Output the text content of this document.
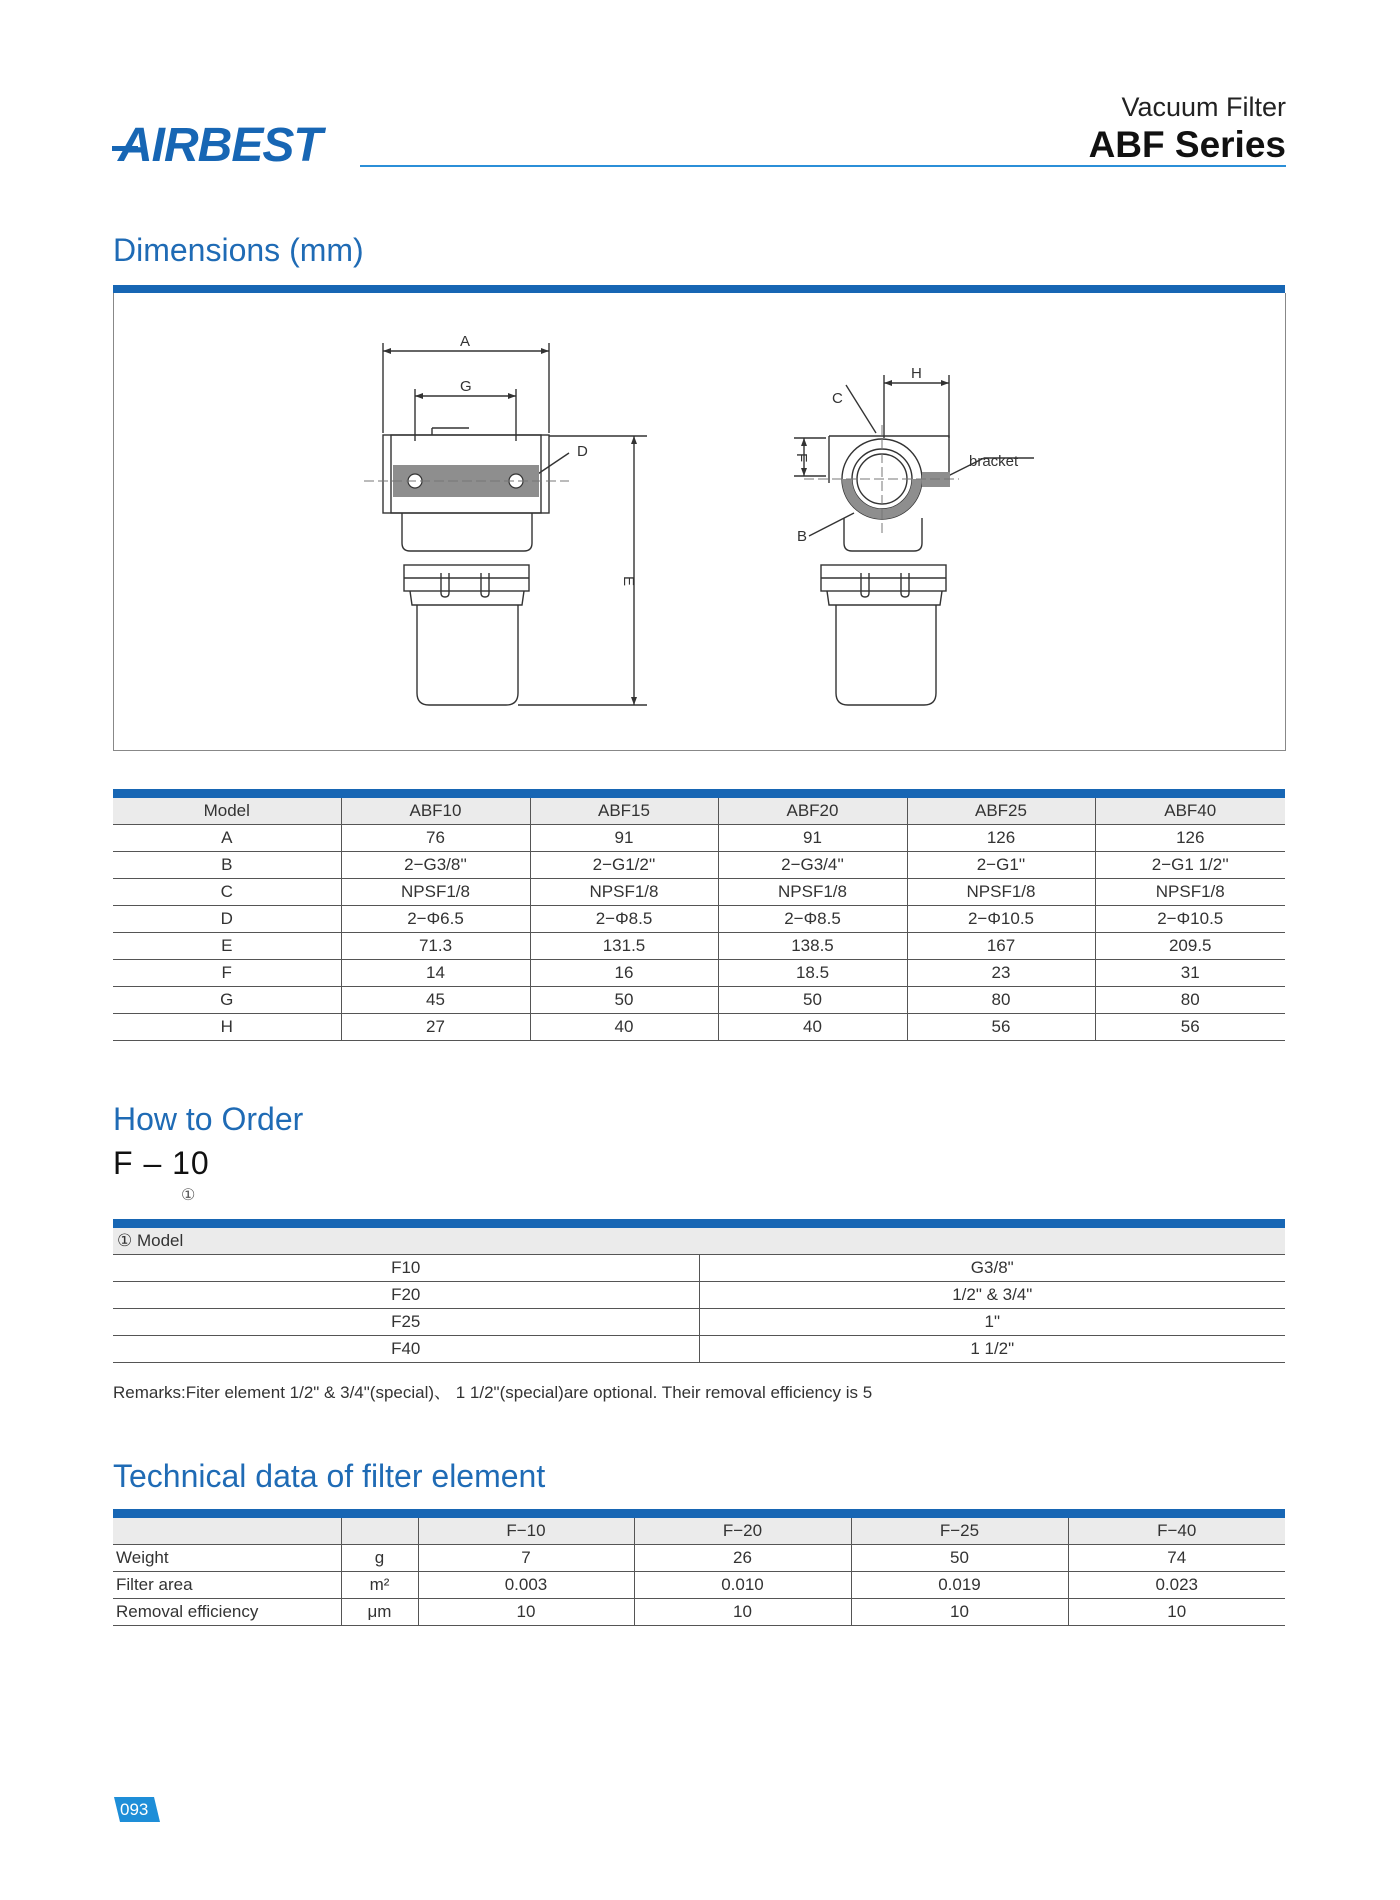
AIRBEST
Vacuum Filter
ABF Series
Dimensions (mm)
A
G
D
E
H
C
F
B
bracket
Model	ABF10	ABF15	ABF20	ABF25	ABF40
A	76	91	91	126	126
B	2−G3/8''	2−G1/2''	2−G3/4''	2−G1''	2−G1 1/2''
C	NPSF1/8	NPSF1/8	NPSF1/8	NPSF1/8	NPSF1/8
D	2−Φ6.5	2−Φ8.5	2−Φ8.5	2−Φ10.5	2−Φ10.5
E	71.3	131.5	138.5	167	209.5
F	14	16	18.5	23	31
G	45	50	50	80	80
H	27	40	40	56	56
How to Order
F – 10
①
① Model	
F10	G3/8"
F20	1/2" & 3/4"
F25	1"
F40	1 1/2"
Remarks:Fiter element 1/2" & 3/4"(special)、 1 1/2"(special)are optional. Their removal efficiency is 5
Technical data of filter element
		F−10	F−20	F−25	F−40
Weight	g	7	26	50	74
Filter area	m²	0.003	0.010	0.019	0.023
Removal efficiency	μm	10	10	10	10
093
